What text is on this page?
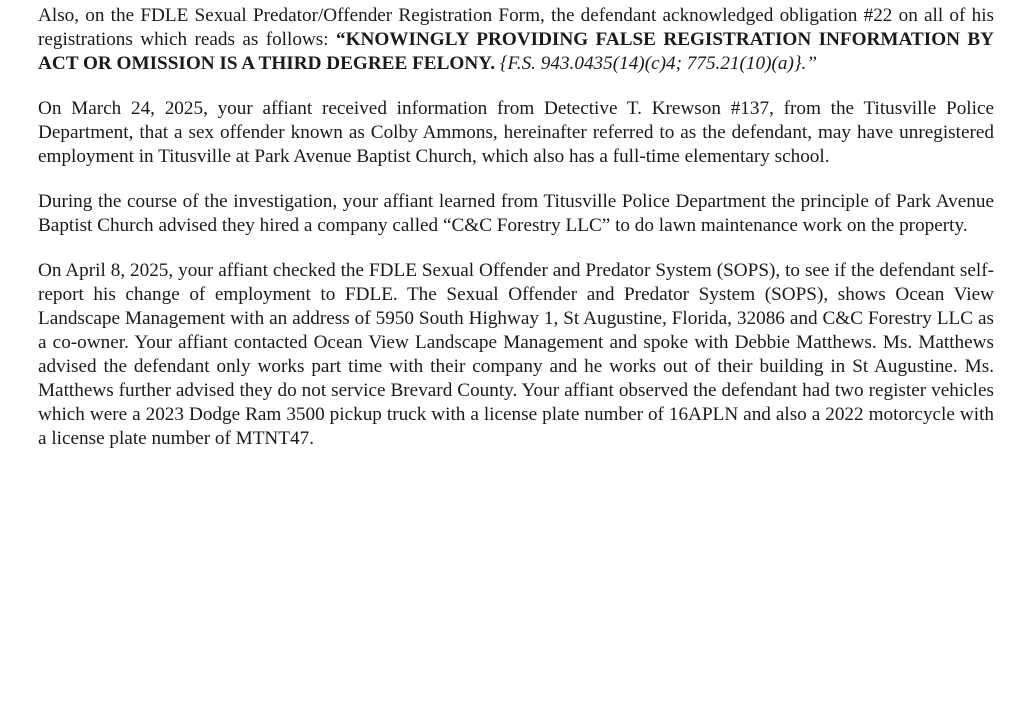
Also, on the FDLE Sexual Predator/Offender Registration Form, the defendant acknowledged obligation #22 on all of his registrations which reads as follows: “KNOWINGLY PROVIDING FALSE REGISTRATION INFORMATION BY ACT OR OMISSION IS A THIRD DEGREE FELONY. {F.S. 943.0435(14)(c)4; 775.21(10)(a)}.”

On March 24, 2025, your affiant received information from Detective T. Krewson #137, from the Titusville Police Department, that a sex offender known as Colby Ammons, hereinafter referred to as the defendant, may have unregistered employment in Titusville at Park Avenue Baptist Church, which also has a full-time elementary school.

During the course of the investigation, your affiant learned from Titusville Police Department the principle of Park Avenue Baptist Church advised they hired a company called “C&C Forestry LLC” to do lawn maintenance work on the property.

On April 8, 2025, your affiant checked the FDLE Sexual Offender and Predator System (SOPS), to see if the defendant self-report his change of employment to FDLE. The Sexual Offender and Predator System (SOPS), shows Ocean View Landscape Management with an address of 5950 South Highway 1, St Augustine, Florida, 32086 and C&C Forestry LLC as a co-owner. Your affiant contacted Ocean View Landscape Management and spoke with Debbie Matthews. Ms. Matthews advised the defendant only works part time with their company and he works out of their building in St Augustine. Ms. Matthews further advised they do not service Brevard County. Your affiant observed the defendant had two register vehicles which were a 2023 Dodge Ram 3500 pickup truck with a license plate number of 16APLN and also a 2022 motorcycle with a license plate number of MTNT47.
